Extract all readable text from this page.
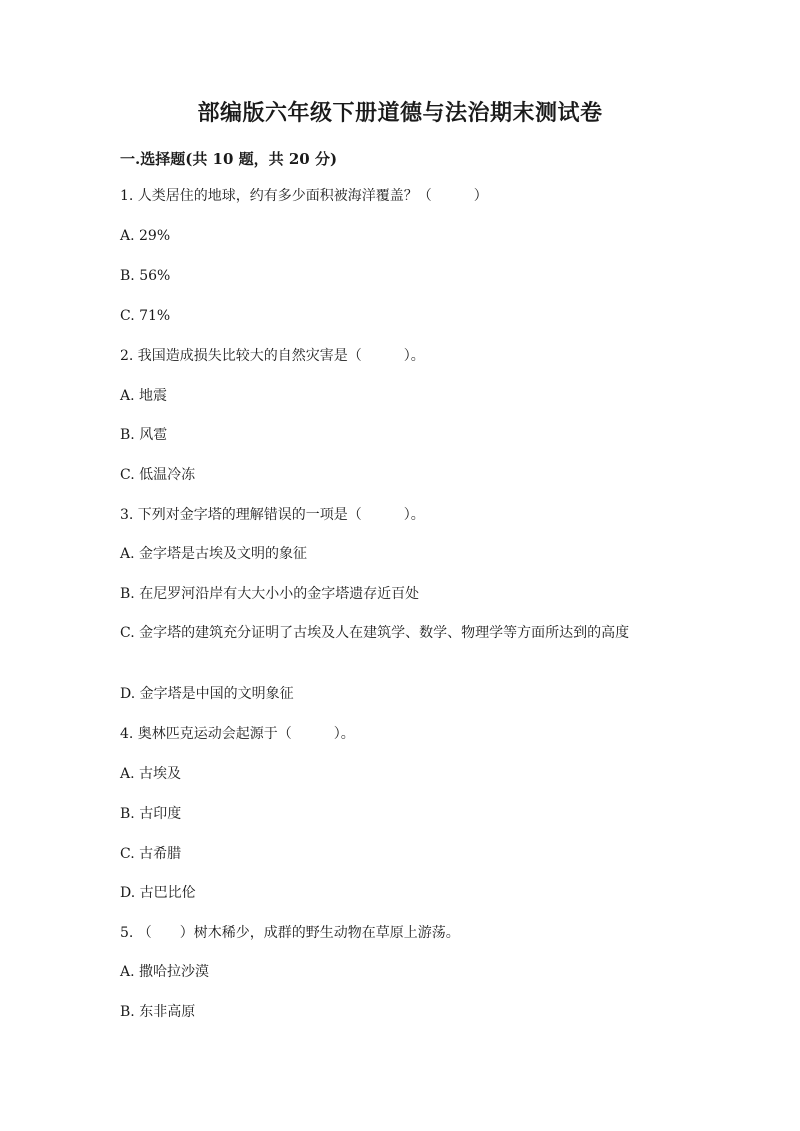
部编版六年级下册道德与法治期末测试卷
一.选择题(共 10 题，共 20 分)

1. 人类居住的地球，约有多少面积被海洋覆盖？（　　　）

A. 29%

B. 56%

C. 71%

2. 我国造成损失比较大的自然灾害是（　　　）。

A. 地震

B. 风雹

C. 低温冷冻

3. 下列对金字塔的理解错误的一项是（　　　）。

A. 金字塔是古埃及文明的象征

B. 在尼罗河沿岸有大大小小的金字塔遗存近百处

C. 金字塔的建筑充分证明了古埃及人在建筑学、数学、物理学等方面所达到的高度

D. 金字塔是中国的文明象征

4. 奥林匹克运动会起源于（　　　）。

A. 古埃及

B. 古印度

C. 古希腊

D. 古巴比伦

5. （　　）树木稀少，成群的野生动物在草原上游荡。

A. 撒哈拉沙漠

B. 东非高原
